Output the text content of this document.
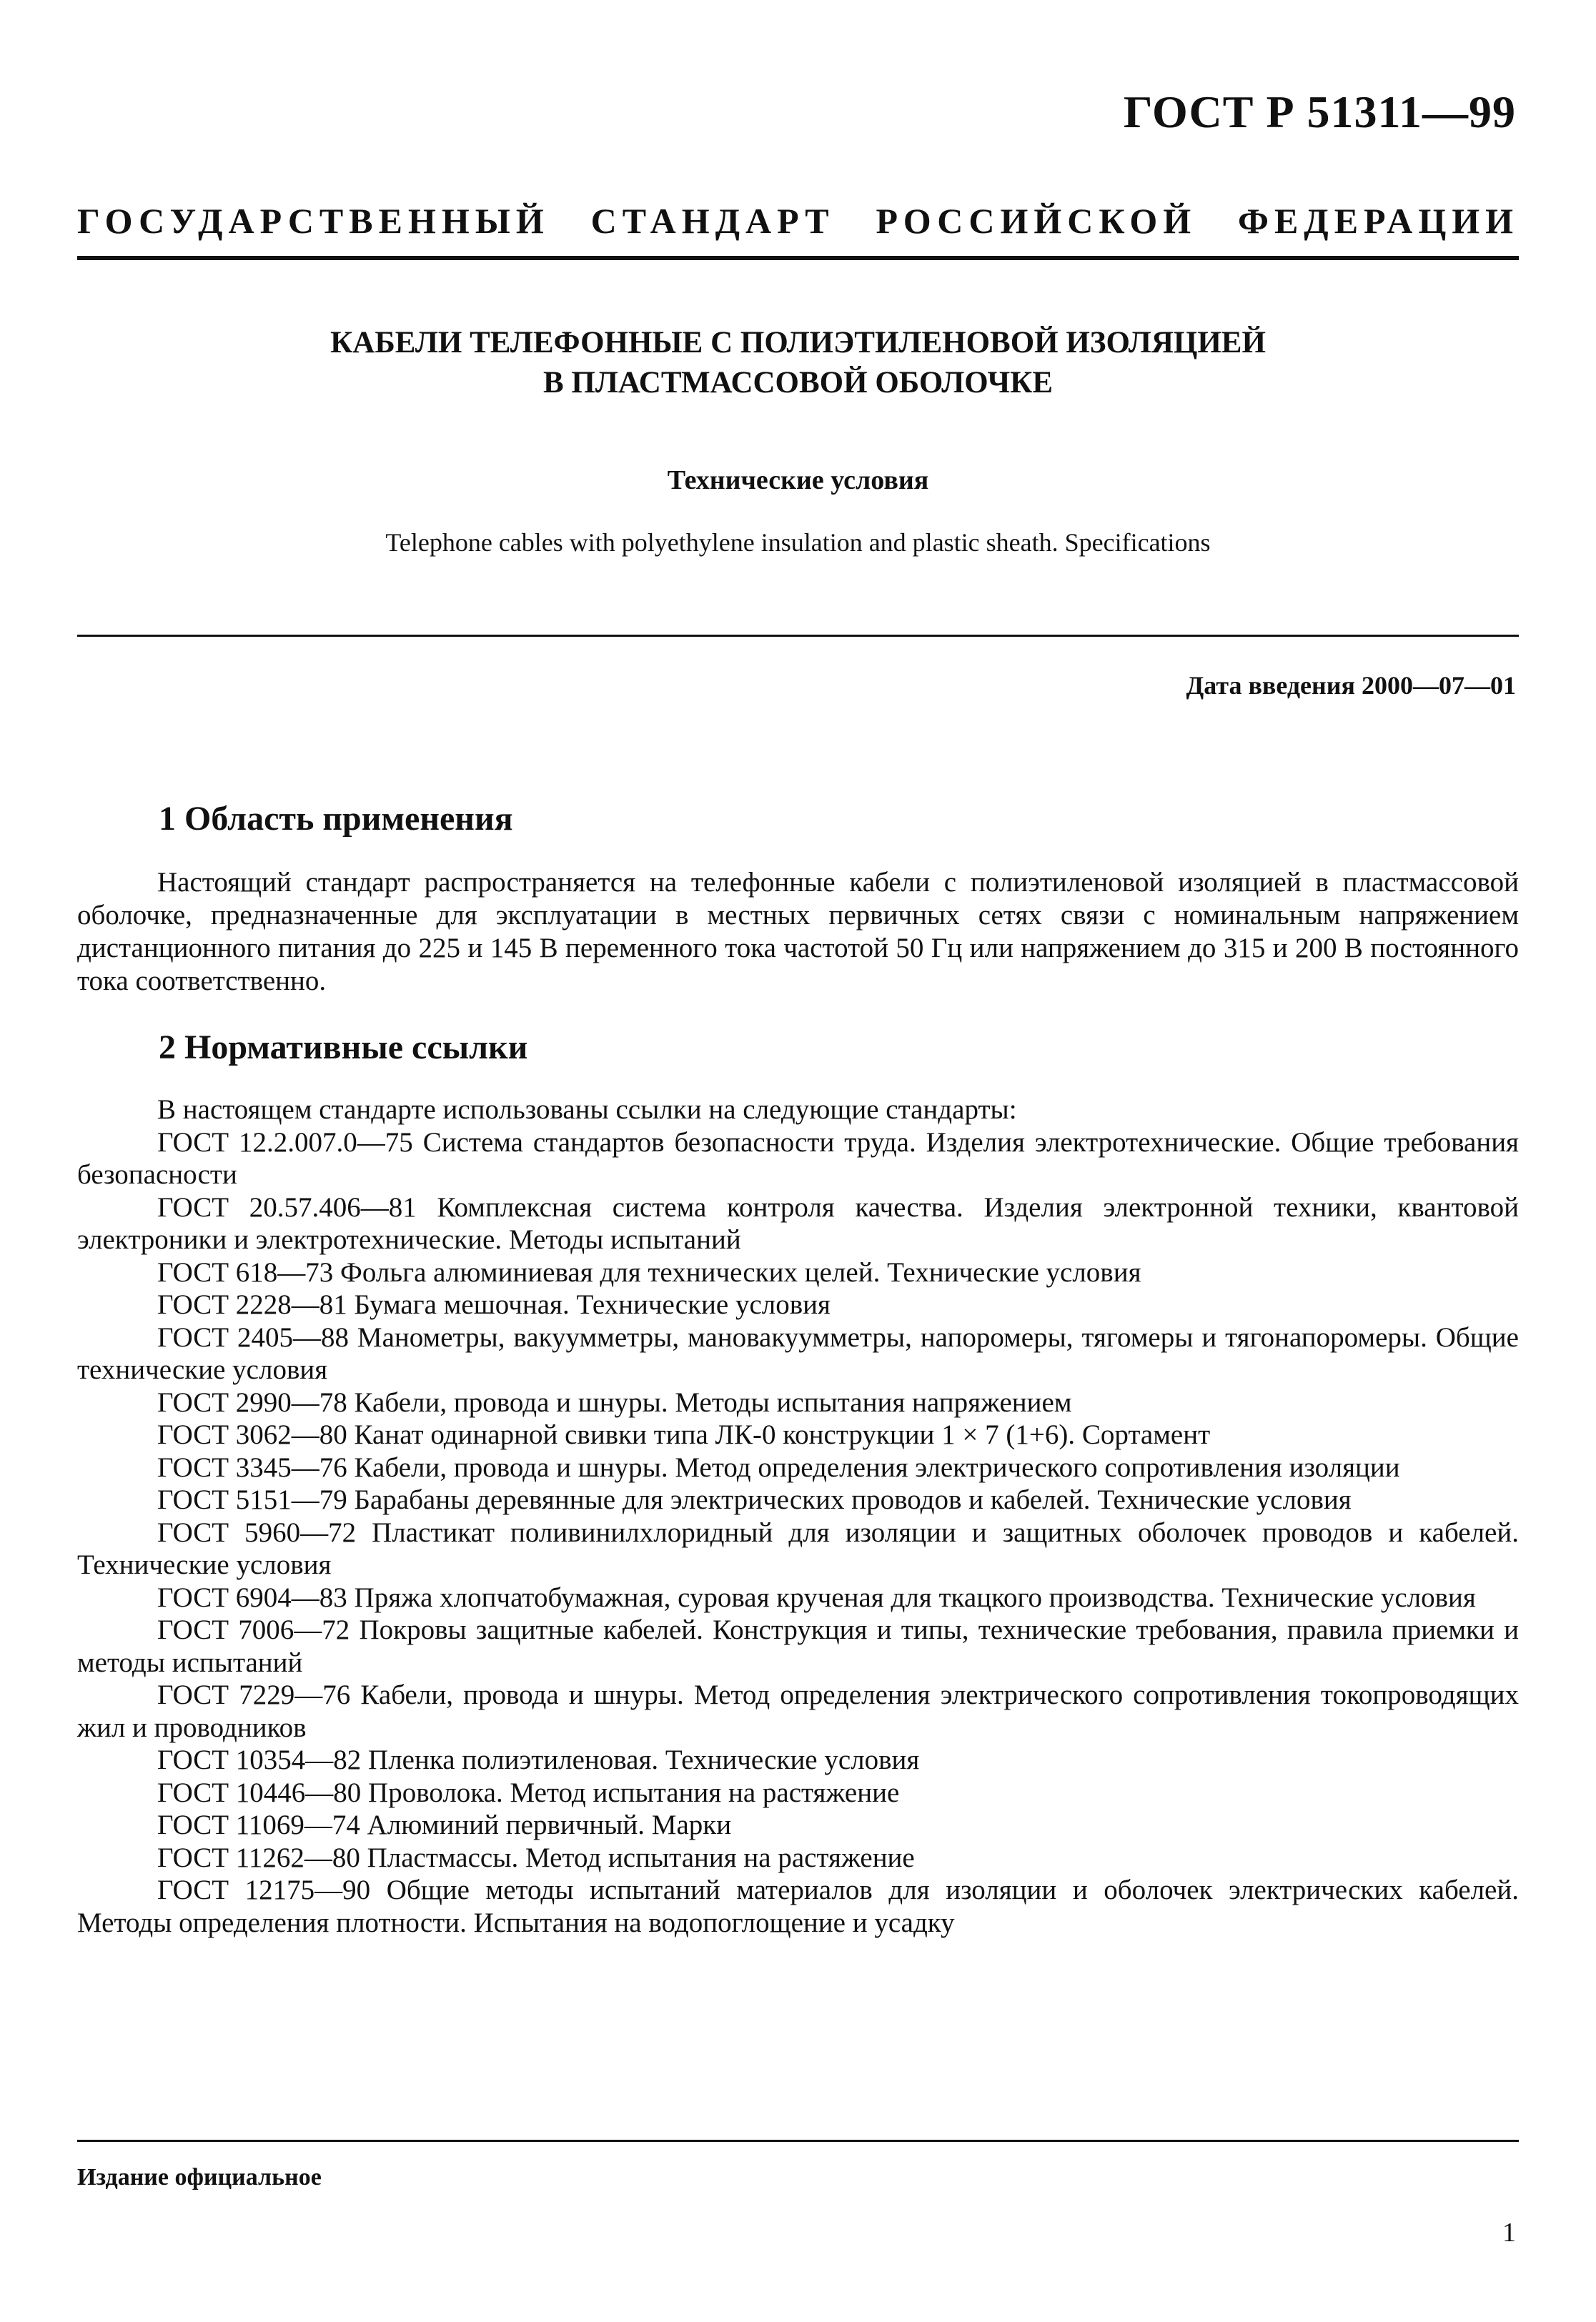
ГОСТ Р 51311—99
ГОСУДАРСТВЕННЫЙ СТАНДАРТ РОССИЙСКОЙ ФЕДЕРАЦИИ
КАБЕЛИ ТЕЛЕФОННЫЕ С ПОЛИЭТИЛЕНОВОЙ ИЗОЛЯЦИЕЙ
В ПЛАСТМАССОВОЙ ОБОЛОЧКЕ
Технические условия
Telephone cables with polyethylene insulation and plastic sheath. Specifications
Дата введения 2000—07—01
1 Область применения

Настоящий стандарт распространяется на телефонные кабели с полиэтиленовой изоляцией в пластмассовой оболочке, предназначенные для эксплуатации в местных первичных сетях связи с номинальным напряжением дистанционного питания до 225 и 145 В переменного тока частотой 50 Гц или напряжением до 315 и 200 В постоянного тока соответственно.

2 Нормативные ссылки

В настоящем стандарте использованы ссылки на следующие стандарты:

ГОСТ 12.2.007.0—75 Система стандартов безопасности труда. Изделия электротехнические. Общие требования безопасности

ГОСТ 20.57.406—81 Комплексная система контроля качества. Изделия электронной техники, квантовой электроники и электротехнические. Методы испытаний

ГОСТ 618—73 Фольга алюминиевая для технических целей. Технические условия

ГОСТ 2228—81 Бумага мешочная. Технические условия

ГОСТ 2405—88 Манометры, вакуумметры, мановакуумметры, напоромеры, тягомеры и тягонапоромеры. Общие технические условия

ГОСТ 2990—78 Кабели, провода и шнуры. Методы испытания напряжением

ГОСТ 3062—80 Канат одинарной свивки типа ЛК-0 конструкции 1 × 7 (1+6). Сортамент

ГОСТ 3345—76 Кабели, провода и шнуры. Метод определения электрического сопротивления изоляции

ГОСТ 5151—79 Барабаны деревянные для электрических проводов и кабелей. Технические условия

ГОСТ 5960—72 Пластикат поливинилхлоридный для изоляции и защитных оболочек проводов и кабелей. Технические условия

ГОСТ 6904—83 Пряжа хлопчатобумажная, суровая крученая для ткацкого производства. Технические условия

ГОСТ 7006—72 Покровы защитные кабелей. Конструкция и типы, технические требования, правила приемки и методы испытаний

ГОСТ 7229—76 Кабели, провода и шнуры. Метод определения электрического сопротивления токопроводящих жил и проводников

ГОСТ 10354—82 Пленка полиэтиленовая. Технические условия

ГОСТ 10446—80 Проволока. Метод испытания на растяжение

ГОСТ 11069—74 Алюминий первичный. Марки

ГОСТ 11262—80 Пластмассы. Метод испытания на растяжение

ГОСТ 12175—90 Общие методы испытаний материалов для изоляции и оболочек электрических кабелей. Методы определения плотности. Испытания на водопоглощение и усадку

Издание официальное
1
